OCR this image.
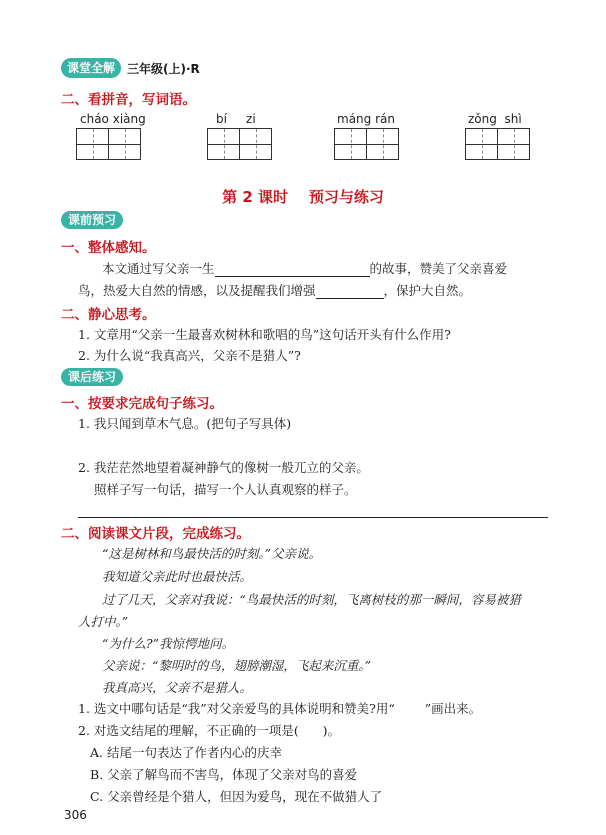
课堂全解	三年级(上)·R
二、看拼音，写词语。
cháo xiàng	bí     zi	máng rán	zǒng  shì
第 2 课时    预习与练习
课前预习
一、整体感知。
本文通过写父亲一生	的故事，赞美了父亲喜爱
鸟，热爱大自然的情感，以及提醒我们增强	，保护大自然。
二、静心思考。
1. 文章用“父亲一生最喜欢树林和歌唱的鸟”这句话开头有什么作用?
2. 为什么说“我真高兴，父亲不是猎人”?
课后练习
一、按要求完成句子练习。
1. 我只闻到草木气息。(把句子写具体)
2. 我茫茫然地望着凝神静气的像树一般兀立的父亲。
照样子写一句话，描写一个人认真观察的样子。
二、阅读课文片段，完成练习。
“这是树林和鸟最快活的时刻。”父亲说。
我知道父亲此时也最快活。
过了几天，父亲对我说：“鸟最快活的时刻，飞离树枝的那一瞬间，容易被猎
人打中。”
“为什么?”我惊愕地问。
父亲说：“黎明时的鸟，翅膀潮湿，飞起来沉重。”
我真高兴，父亲不是猎人。
1. 选文中哪句话是“我”对父亲爱鸟的具体说明和赞美?用“ ”画出来。
2. 对选文结尾的理解，不正确的一项是(      )。
A. 结尾一句表达了作者内心的庆幸
B. 父亲了解鸟而不害鸟，体现了父亲对鸟的喜爱
C. 父亲曾经是个猎人，但因为爱鸟，现在不做猎人了
306
